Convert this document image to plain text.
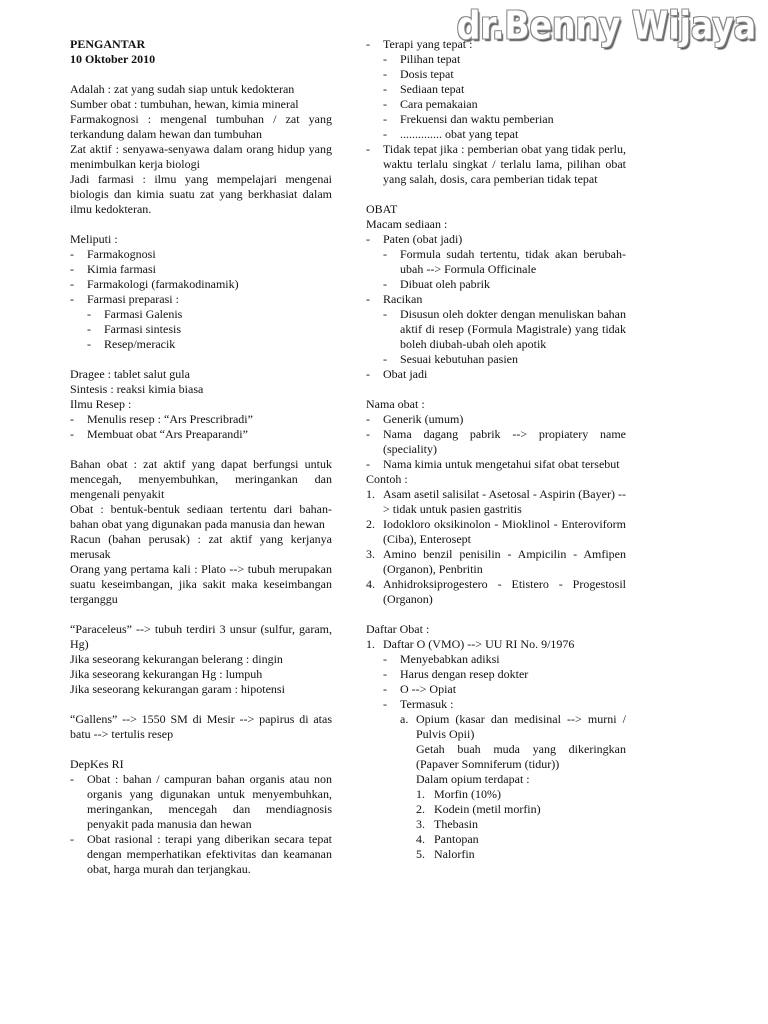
dr.Benny Wijaya

PENGANTAR

10 Oktober 2010

Adalah : zat yang sudah siap untuk kedokteran

Sumber obat : tumbuhan, hewan, kimia mineral

Farmakognosi : mengenal tumbuhan / zat yang terkandung dalam hewan dan tumbuhan

Zat aktif : senyawa-senyawa dalam orang hidup yang menimbulkan kerja biologi

Jadi farmasi : ilmu yang mempelajari mengenai biologis dan kimia suatu zat yang berkhasiat dalam ilmu kedokteran.

Meliputi :

-	Farmakognosi
-	Kimia farmasi
-	Farmakologi (farmakodinamik)
-	Farmasi preparasi :
-	Farmasi Galenis
-	Farmasi sintesis
-	Resep/meracik

Dragee : tablet salut gula

Sintesis : reaksi kimia biasa

Ilmu Resep :

-	Menulis resep : “Ars Prescribradi”
-	Membuat obat “Ars Preaparandi”

Bahan obat : zat aktif yang dapat berfungsi untuk mencegah, menyembuhkan, meringankan dan mengenali penyakit

Obat : bentuk-bentuk sediaan tertentu dari bahan-bahan obat yang digunakan pada manusia dan hewan

Racun (bahan perusak) : zat aktif yang kerjanya merusak

Orang yang pertama kali : Plato --> tubuh merupakan suatu keseimbangan, jika sakit maka keseimbangan terganggu

“Paraceleus” --> tubuh terdiri 3 unsur (sulfur, garam, Hg)

Jika seseorang kekurangan belerang : dingin

Jika seseorang kekurangan Hg : lumpuh

Jika seseorang kekurangan garam : hipotensi

“Gallens” --> 1550 SM di Mesir --> papirus di atas batu --> tertulis resep

DepKes RI

-	Obat : bahan / campuran bahan organis atau non organis yang digunakan untuk menyembuhkan, meringankan, mencegah dan mendiagnosis penyakit pada manusia dan hewan
-	Obat rasional : terapi yang diberikan secara tepat dengan memperhatikan efektivitas dan keamanan obat, harga murah dan terjangkau.
-	Terapi yang tepat :
-	Pilihan tepat
-	Dosis tepat
-	Sediaan tepat
-	Cara pemakaian
-	Frekuensi dan waktu pemberian
-	.............. obat yang tepat
-	Tidak tepat jika : pemberian obat yang tidak perlu, waktu terlalu singkat / terlalu lama, pilihan obat yang salah, dosis, cara pemberian tidak tepat

OBAT

Macam sediaan :

-	Paten (obat jadi)
-	Formula sudah tertentu, tidak akan berubah-ubah --> Formula Officinale
-	Dibuat oleh pabrik
-	Racikan
-	Disusun oleh dokter dengan menuliskan bahan aktif di resep (Formula Magistrale) yang tidak boleh diubah-ubah oleh apotik
-	Sesuai kebutuhan pasien
-	Obat jadi

Nama obat :

-	Generik (umum)
-	Nama dagang pabrik --> propiatery name (speciality)
-	Nama kimia untuk mengetahui sifat obat tersebut

Contoh :

1. Asam asetil salisilat - Asetosal - Aspirin (Bayer) --> tidak untuk pasien gastritis
2. Iodokloro oksikinolon - Mioklinol - Enteroviform (Ciba), Enterosept
3. Amino benzil penisilin - Ampicilin - Amfipen (Organon), Penbritin
4. Anhidroksiprogestero - Etistero - Progestosil (Organon)

Daftar Obat :

1. Daftar O (VMO) --> UU RI No. 9/1976
-	Menyebabkan adiksi
-	Harus dengan resep dokter
-	O --> Opiat
-	Termasuk :
a. Opium (kasar dan medisinal --> murni / Pulvis Opii)

Getah buah muda yang dikeringkan (Papaver Somniferum (tidur))

Dalam opium terdapat :

1. Morfin (10%)
2. Kodein (metil morfin)
3. Thebasin
4. Pantopan
5. Nalorfin
